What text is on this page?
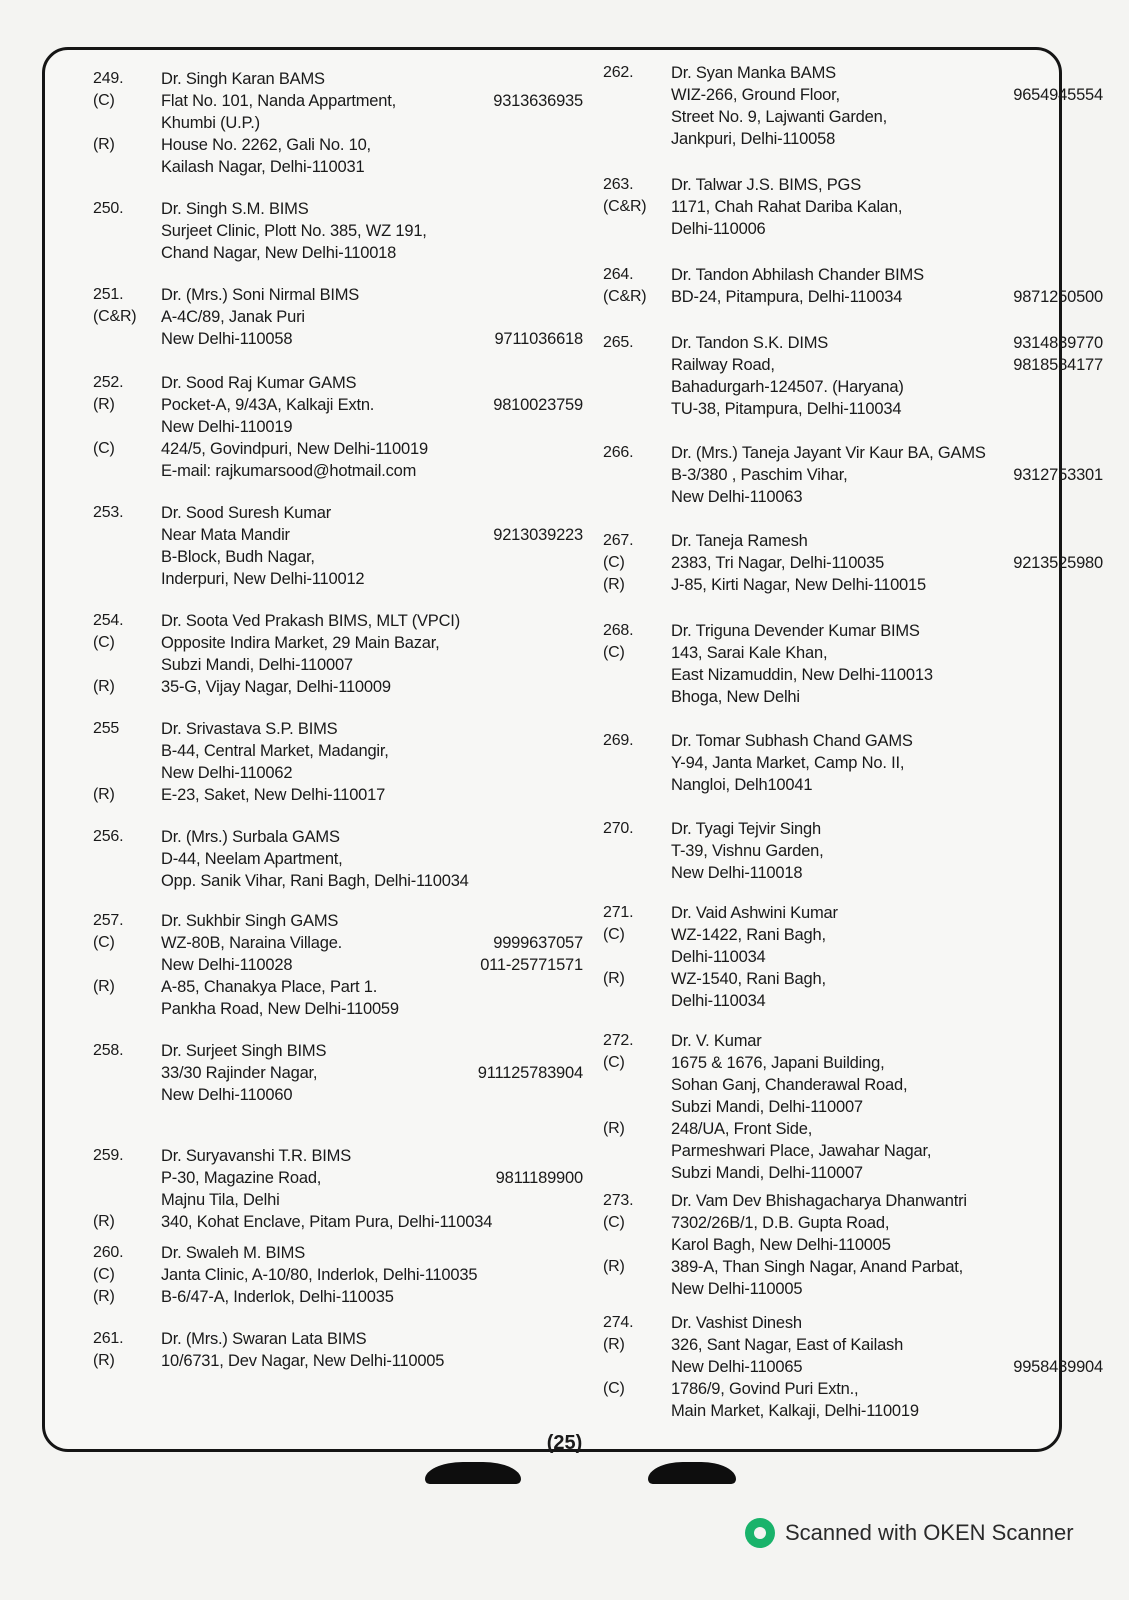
249.	Dr. Singh Karan BAMS
(C)	Flat No. 101, Nanda Appartment,	9313636935
Khumbi (U.P.)
(R)	House No. 2262, Gali No. 10,
Kailash Nagar, Delhi-110031
250.	Dr. Singh S.M. BIMS
Surjeet Clinic, Plott No. 385, WZ 191,
Chand Nagar, New Delhi-110018
251.	Dr. (Mrs.) Soni Nirmal BIMS
(C&R)	A-4C/89, Janak Puri
New Delhi-110058	9711036618
252.	Dr. Sood Raj Kumar GAMS
(R)	Pocket-A, 9/43A, Kalkaji Extn.	9810023759
New Delhi-110019
(C)	424/5, Govindpuri, New Delhi-110019
E-mail: rajkumarsood@hotmail.com
253.	Dr. Sood Suresh Kumar
Near Mata Mandir	9213039223
B-Block, Budh Nagar,
Inderpuri, New Delhi-110012
254.	Dr. Soota Ved Prakash BIMS, MLT (VPCI)
(C)	Opposite Indira Market, 29 Main Bazar,
Subzi Mandi, Delhi-110007
(R)	35-G, Vijay Nagar, Delhi-110009
255	Dr. Srivastava S.P. BIMS
B-44, Central Market, Madangir,
New Delhi-110062
(R)	E-23, Saket, New Delhi-110017
256.	Dr. (Mrs.) Surbala GAMS
D-44, Neelam Apartment,
Opp. Sanik Vihar, Rani Bagh, Delhi-110034
257.	Dr. Sukhbir Singh GAMS
(C)	WZ-80B, Naraina Village.	9999637057
New Delhi-110028	011-25771571
(R)	A-85, Chanakya Place, Part 1.
Pankha Road, New Delhi-110059
258.	Dr. Surjeet Singh BIMS
33/30 Rajinder Nagar,	911125783904
New Delhi-110060
259.	Dr. Suryavanshi T.R. BIMS
P-30, Magazine Road,	9811189900
Majnu Tila, Delhi
(R)	340, Kohat Enclave, Pitam Pura, Delhi-110034
260.	Dr. Swaleh M. BIMS
(C)	Janta Clinic, A-10/80, Inderlok, Delhi-110035
(R)	B-6/47-A, Inderlok, Delhi-110035
261.	Dr. (Mrs.) Swaran Lata BIMS
(R)	10/6731, Dev Nagar, New Delhi-110005
262.	Dr. Syan Manka BAMS
WIZ-266, Ground Floor,	9654945554
Street No. 9, Lajwanti Garden,
Jankpuri, Delhi-110058
263.	Dr. Talwar J.S. BIMS, PGS
(C&R)	1171, Chah Rahat Dariba Kalan,
Delhi-110006
264.	Dr. Tandon Abhilash Chander BIMS
(C&R)	BD-24, Pitampura, Delhi-110034	9871250500
265.	Dr. Tandon S.K. DIMS	9314839770
Railway Road,	9818584177
Bahadurgarh-124507. (Haryana)
TU-38, Pitampura, Delhi-110034
266.	Dr. (Mrs.) Taneja Jayant Vir Kaur BA, GAMS
B-3/380 , Paschim Vihar,	9312753301
New Delhi-110063
267.	Dr. Taneja Ramesh
(C)	2383, Tri Nagar, Delhi-110035	9213525980
(R)	J-85, Kirti Nagar, New Delhi-110015
268.	Dr. Triguna Devender Kumar BIMS
(C)	143, Sarai Kale Khan,
East Nizamuddin, New Delhi-110013
Bhoga, New Delhi
269.	Dr. Tomar Subhash Chand GAMS
Y-94, Janta Market, Camp No. II,
Nangloi, Delh10041
270.	Dr. Tyagi Tejvir Singh
T-39, Vishnu Garden,
New Delhi-110018
271.	Dr. Vaid Ashwini Kumar
(C)	WZ-1422, Rani Bagh,
Delhi-110034
(R)	WZ-1540, Rani Bagh,
Delhi-110034
272.	Dr. V. Kumar
(C)	1675 & 1676, Japani Building,
Sohan Ganj, Chanderawal Road,
Subzi Mandi, Delhi-110007
(R)	248/UA, Front Side,
Parmeshwari Place, Jawahar Nagar,
Subzi Mandi, Delhi-110007
273.	Dr. Vam Dev Bhishagacharya Dhanwantri
(C)	7302/26B/1, D.B. Gupta Road,
Karol Bagh, New Delhi-110005
(R)	389-A, Than Singh Nagar, Anand Parbat,
New Delhi-110005
274.	Dr. Vashist Dinesh
(R)	326, Sant Nagar, East of Kailash
New Delhi-110065	9958439904
(C)	1786/9, Govind Puri Extn.,
Main Market, Kalkaji, Delhi-110019
(25)
Scanned with OKEN Scanner
